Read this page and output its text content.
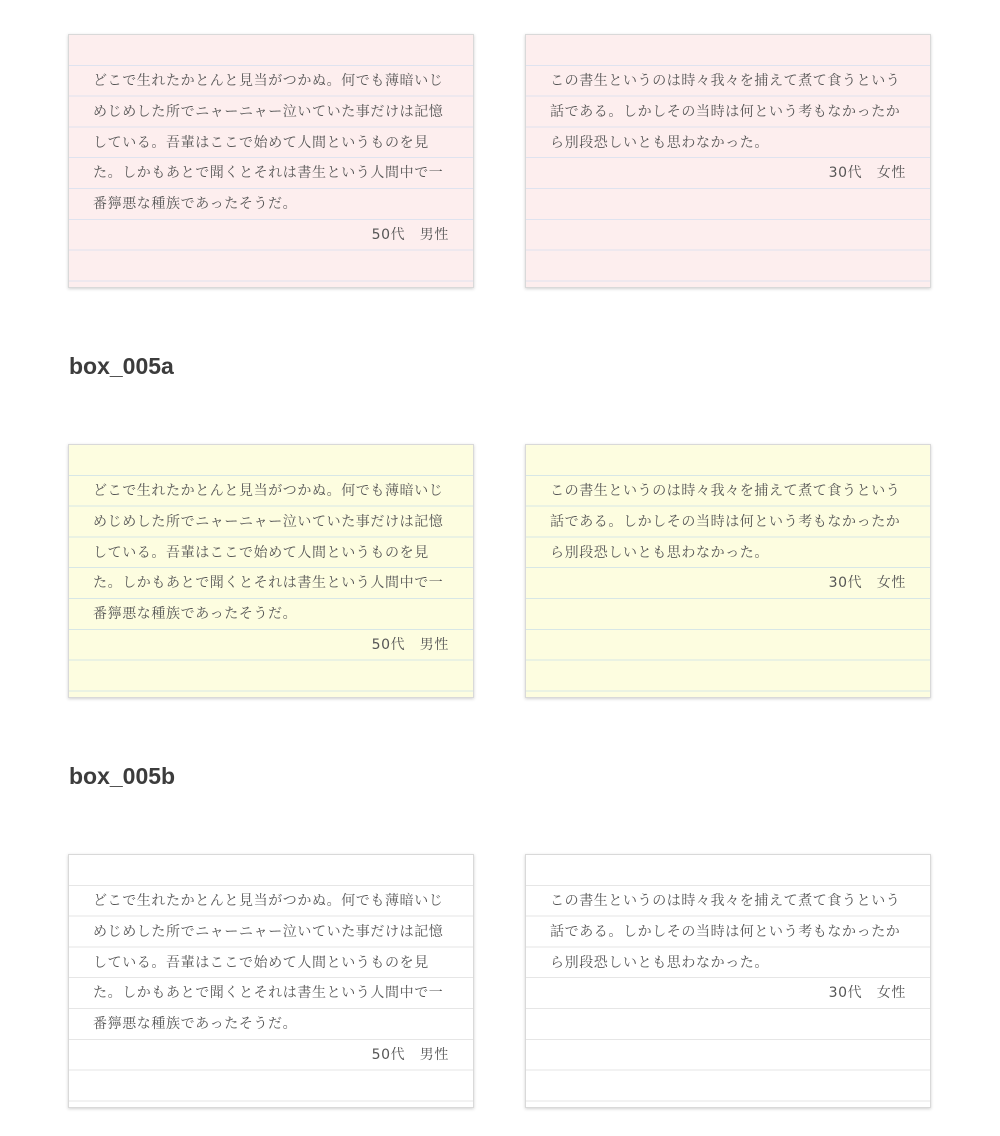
どこで生れたかとんと見当がつかぬ。何でも薄暗いじめじめした所でニャーニャー泣いていた事だけは記憶している。吾輩はここで始めて人間というものを見た。しかもあとで聞くとそれは書生という人間中で一番獰悪な種族であったそうだ。

50代　男性

この書生というのは時々我々を捕えて煮て食うという話である。しかしその当時は何という考もなかったから別段恐しいとも思わなかった。

30代　女性

box_005a

どこで生れたかとんと見当がつかぬ。何でも薄暗いじめじめした所でニャーニャー泣いていた事だけは記憶している。吾輩はここで始めて人間というものを見た。しかもあとで聞くとそれは書生という人間中で一番獰悪な種族であったそうだ。

50代　男性

この書生というのは時々我々を捕えて煮て食うという話である。しかしその当時は何という考もなかったから別段恐しいとも思わなかった。

30代　女性

box_005b

どこで生れたかとんと見当がつかぬ。何でも薄暗いじめじめした所でニャーニャー泣いていた事だけは記憶している。吾輩はここで始めて人間というものを見た。しかもあとで聞くとそれは書生という人間中で一番獰悪な種族であったそうだ。

50代　男性

この書生というのは時々我々を捕えて煮て食うという話である。しかしその当時は何という考もなかったから別段恐しいとも思わなかった。

30代　女性
